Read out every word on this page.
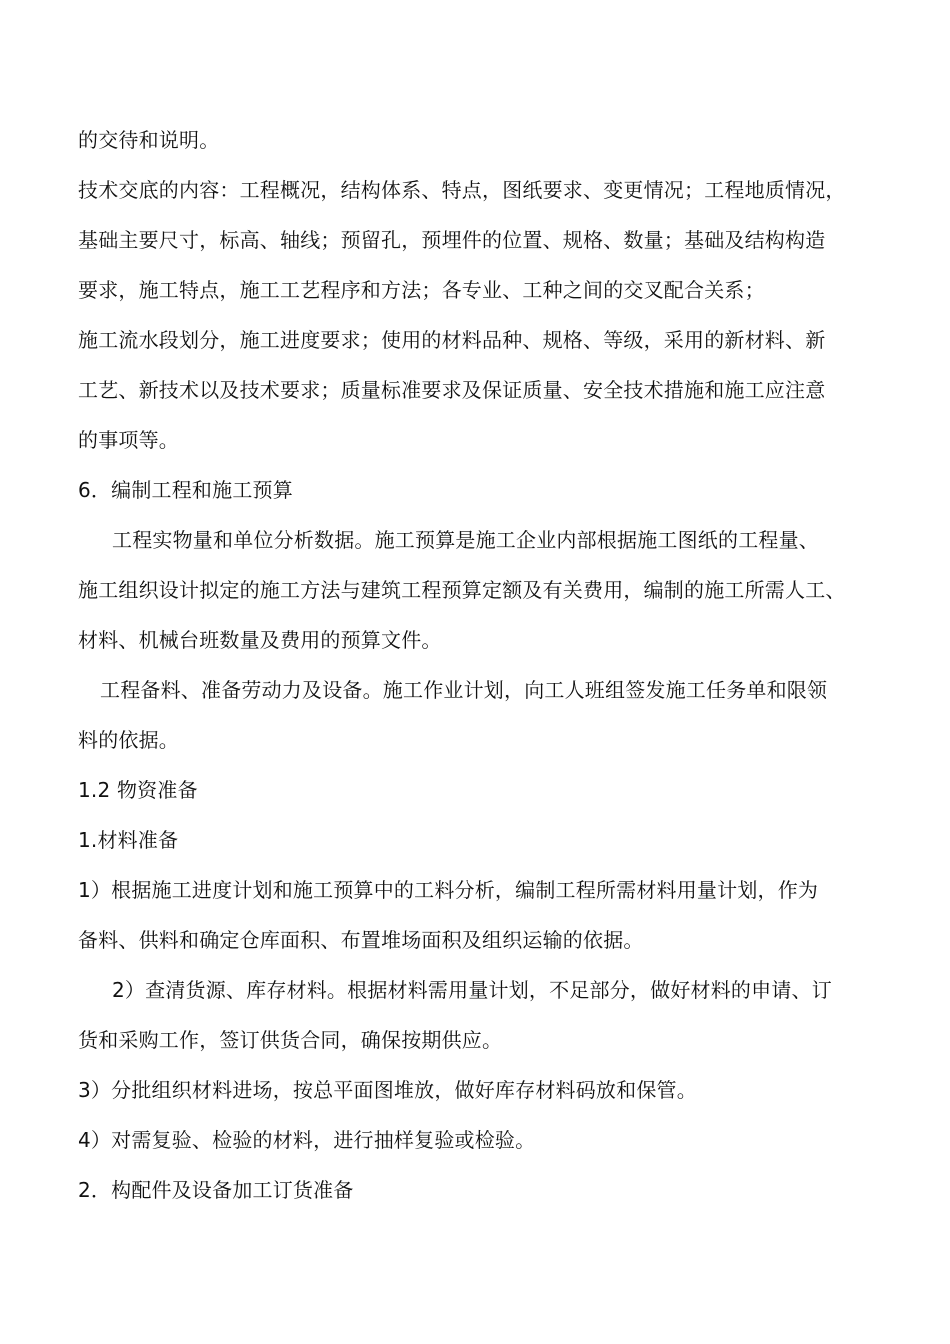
的交待和说明。
技术交底的内容：工程概况，结构体系、特点，图纸要求、变更情况；工程地质情况，
基础主要尺寸，标高、轴线；预留孔，预埋件的位置、规格、数量；基础及结构构造
要求，施工特点，施工工艺程序和方法；各专业、工种之间的交叉配合关系；
施工流水段划分，施工进度要求；使用的材料品种、规格、等级，采用的新材料、新
工艺、新技术以及技术要求；质量标准要求及保证质量、安全技术措施和施工应注意
的事项等。
6．编制工程和施工预算
工程实物量和单位分析数据。施工预算是施工企业内部根据施工图纸的工程量、
施工组织设计拟定的施工方法与建筑工程预算定额及有关费用，编制的施工所需人工、
材料、机械台班数量及费用的预算文件。
工程备料、准备劳动力及设备。施工作业计划，向工人班组签发施工任务单和限领
料的依据。
1.2 物资准备
1.材料准备
1）根据施工进度计划和施工预算中的工料分析，编制工程所需材料用量计划，作为
备料、供料和确定仓库面积、布置堆场面积及组织运输的依据。
2）查清货源、库存材料。根据材料需用量计划，不足部分，做好材料的申请、订
货和采购工作，签订供货合同，确保按期供应。
3）分批组织材料进场，按总平面图堆放，做好库存材料码放和保管。
4）对需复验、检验的材料，进行抽样复验或检验。
2．构配件及设备加工订货准备
